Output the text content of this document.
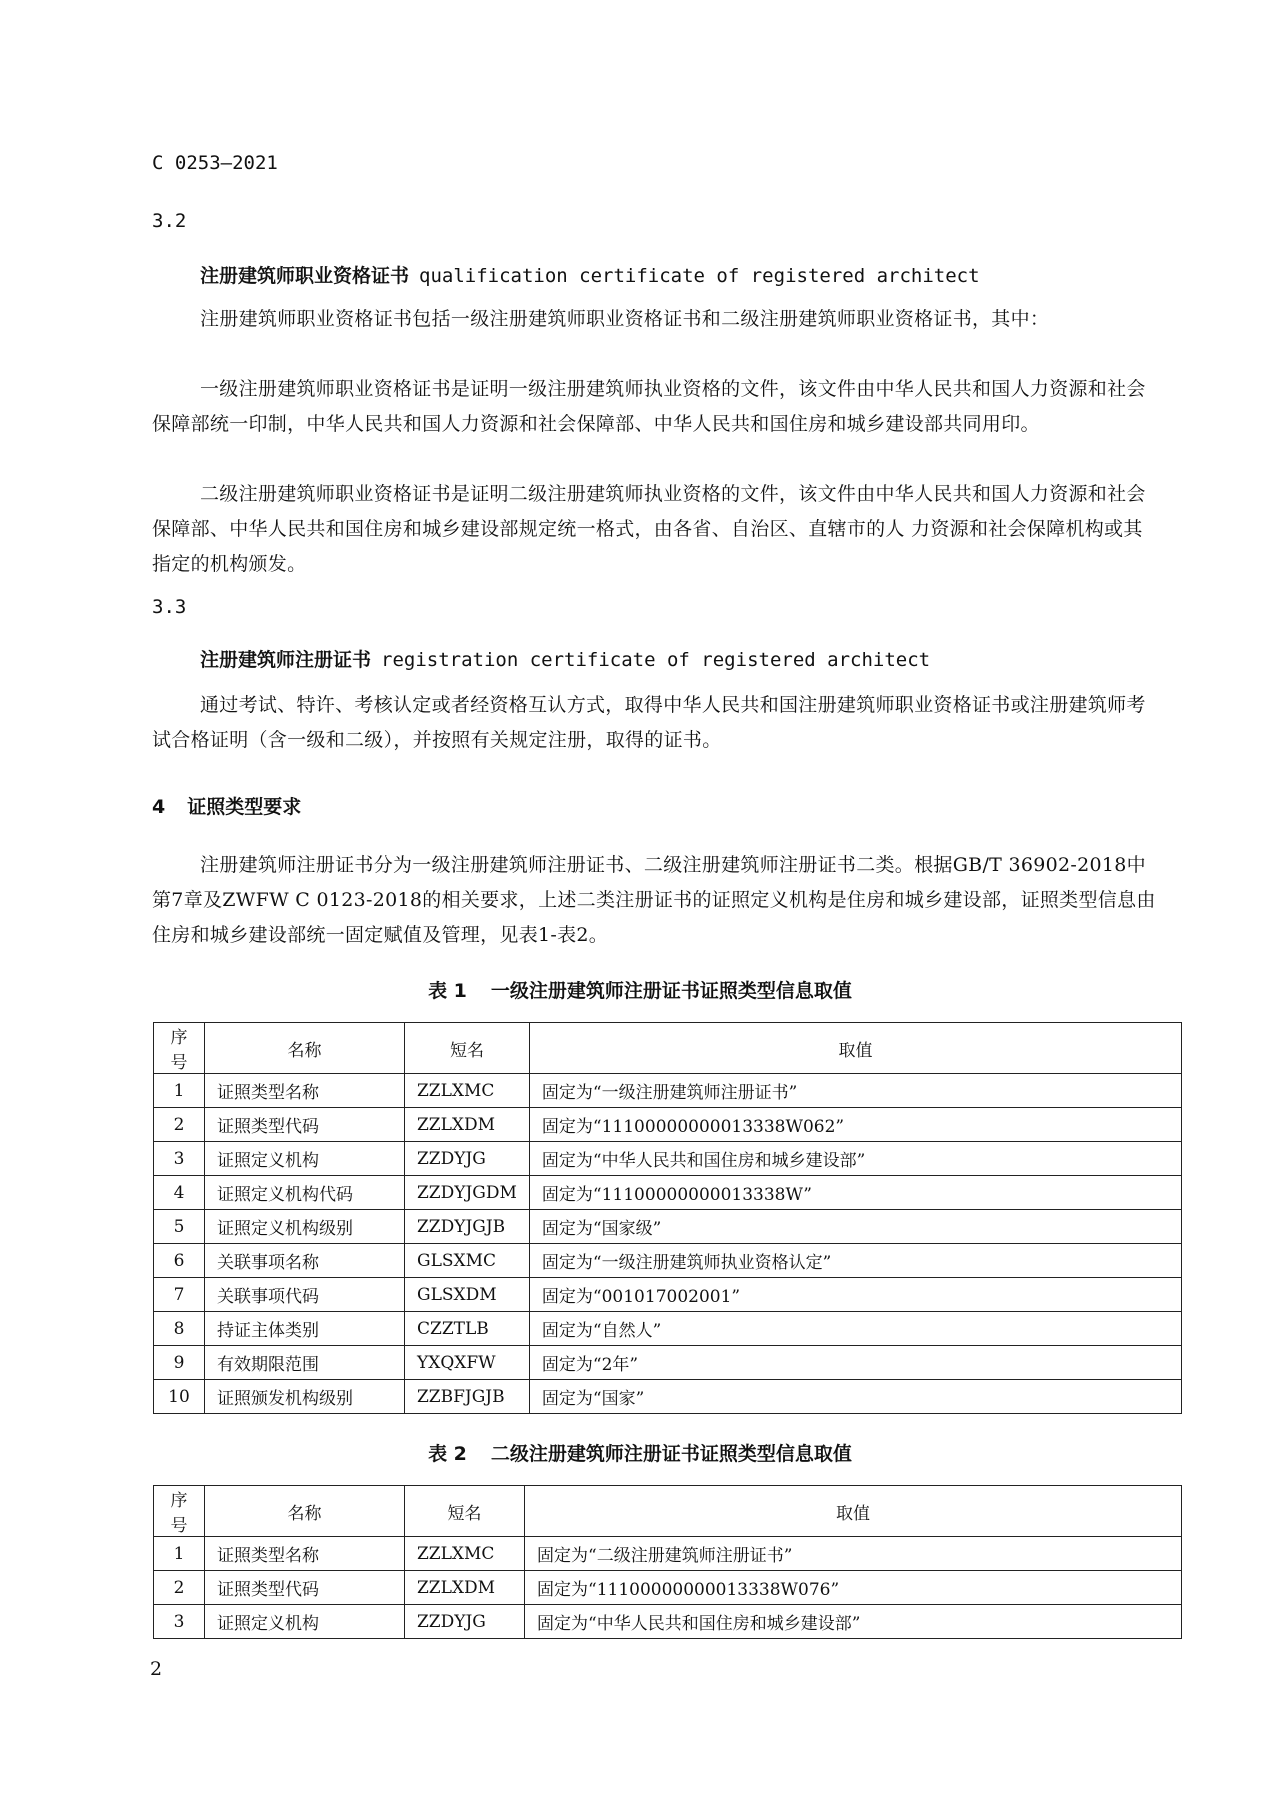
C 0253—2021
3.2
注册建筑师职业资格证书 qualification certificate of registered architect
注册建筑师职业资格证书包括一级注册建筑师职业资格证书和二级注册建筑师职业资格证书，其中：
一级注册建筑师职业资格证书是证明一级注册建筑师执业资格的文件，该文件由中华人民共和国人力资源和社会保障部统一印制，中华人民共和国人力资源和社会保障部、中华人民共和国住房和城乡建设部共同用印。
二级注册建筑师职业资格证书是证明二级注册建筑师执业资格的文件，该文件由中华人民共和国人力资源和社会保障部、中华人民共和国住房和城乡建设部规定统一格式，由各省、自治区、直辖市的人 力资源和社会保障机构或其指定的机构颁发。
3.3
注册建筑师注册证书 registration certificate of registered architect
通过考试、特许、考核认定或者经资格互认方式，取得中华人民共和国注册建筑师职业资格证书或注册建筑师考试合格证明（含一级和二级），并按照有关规定注册，取得的证书。
4 证照类型要求
注册建筑师注册证书分为一级注册建筑师注册证书、二级注册建筑师注册证书二类。根据GB/T 36902-2018中第7章及ZWFW C 0123-2018的相关要求，上述二类注册证书的证照定义机构是住房和城乡建设部，证照类型信息由住房和城乡建设部统一固定赋值及管理，见表1-表2。
表 1 一级注册建筑师注册证书证照类型信息取值
序号	名称	短名	取值
1	证照类型名称	ZZLXMC	固定为“一级注册建筑师注册证书”
2	证照类型代码	ZZLXDM	固定为“11100000000013338W062”
3	证照定义机构	ZZDYJG	固定为“中华人民共和国住房和城乡建设部”
4	证照定义机构代码	ZZDYJGDM	固定为“11100000000013338W”
5	证照定义机构级别	ZZDYJGJB	固定为“国家级”
6	关联事项名称	GLSXMC	固定为“一级注册建筑师执业资格认定”
7	关联事项代码	GLSXDM	固定为“001017002001”
8	持证主体类别	CZZTLB	固定为“自然人”
9	有效期限范围	YXQXFW	固定为“2年”
10	证照颁发机构级别	ZZBFJGJB	固定为“国家”
表 2 二级注册建筑师注册证书证照类型信息取值
序号	名称	短名	取值
1	证照类型名称	ZZLXMC	固定为“二级注册建筑师注册证书”
2	证照类型代码	ZZLXDM	固定为“11100000000013338W076”
3	证照定义机构	ZZDYJG	固定为“中华人民共和国住房和城乡建设部”
2
